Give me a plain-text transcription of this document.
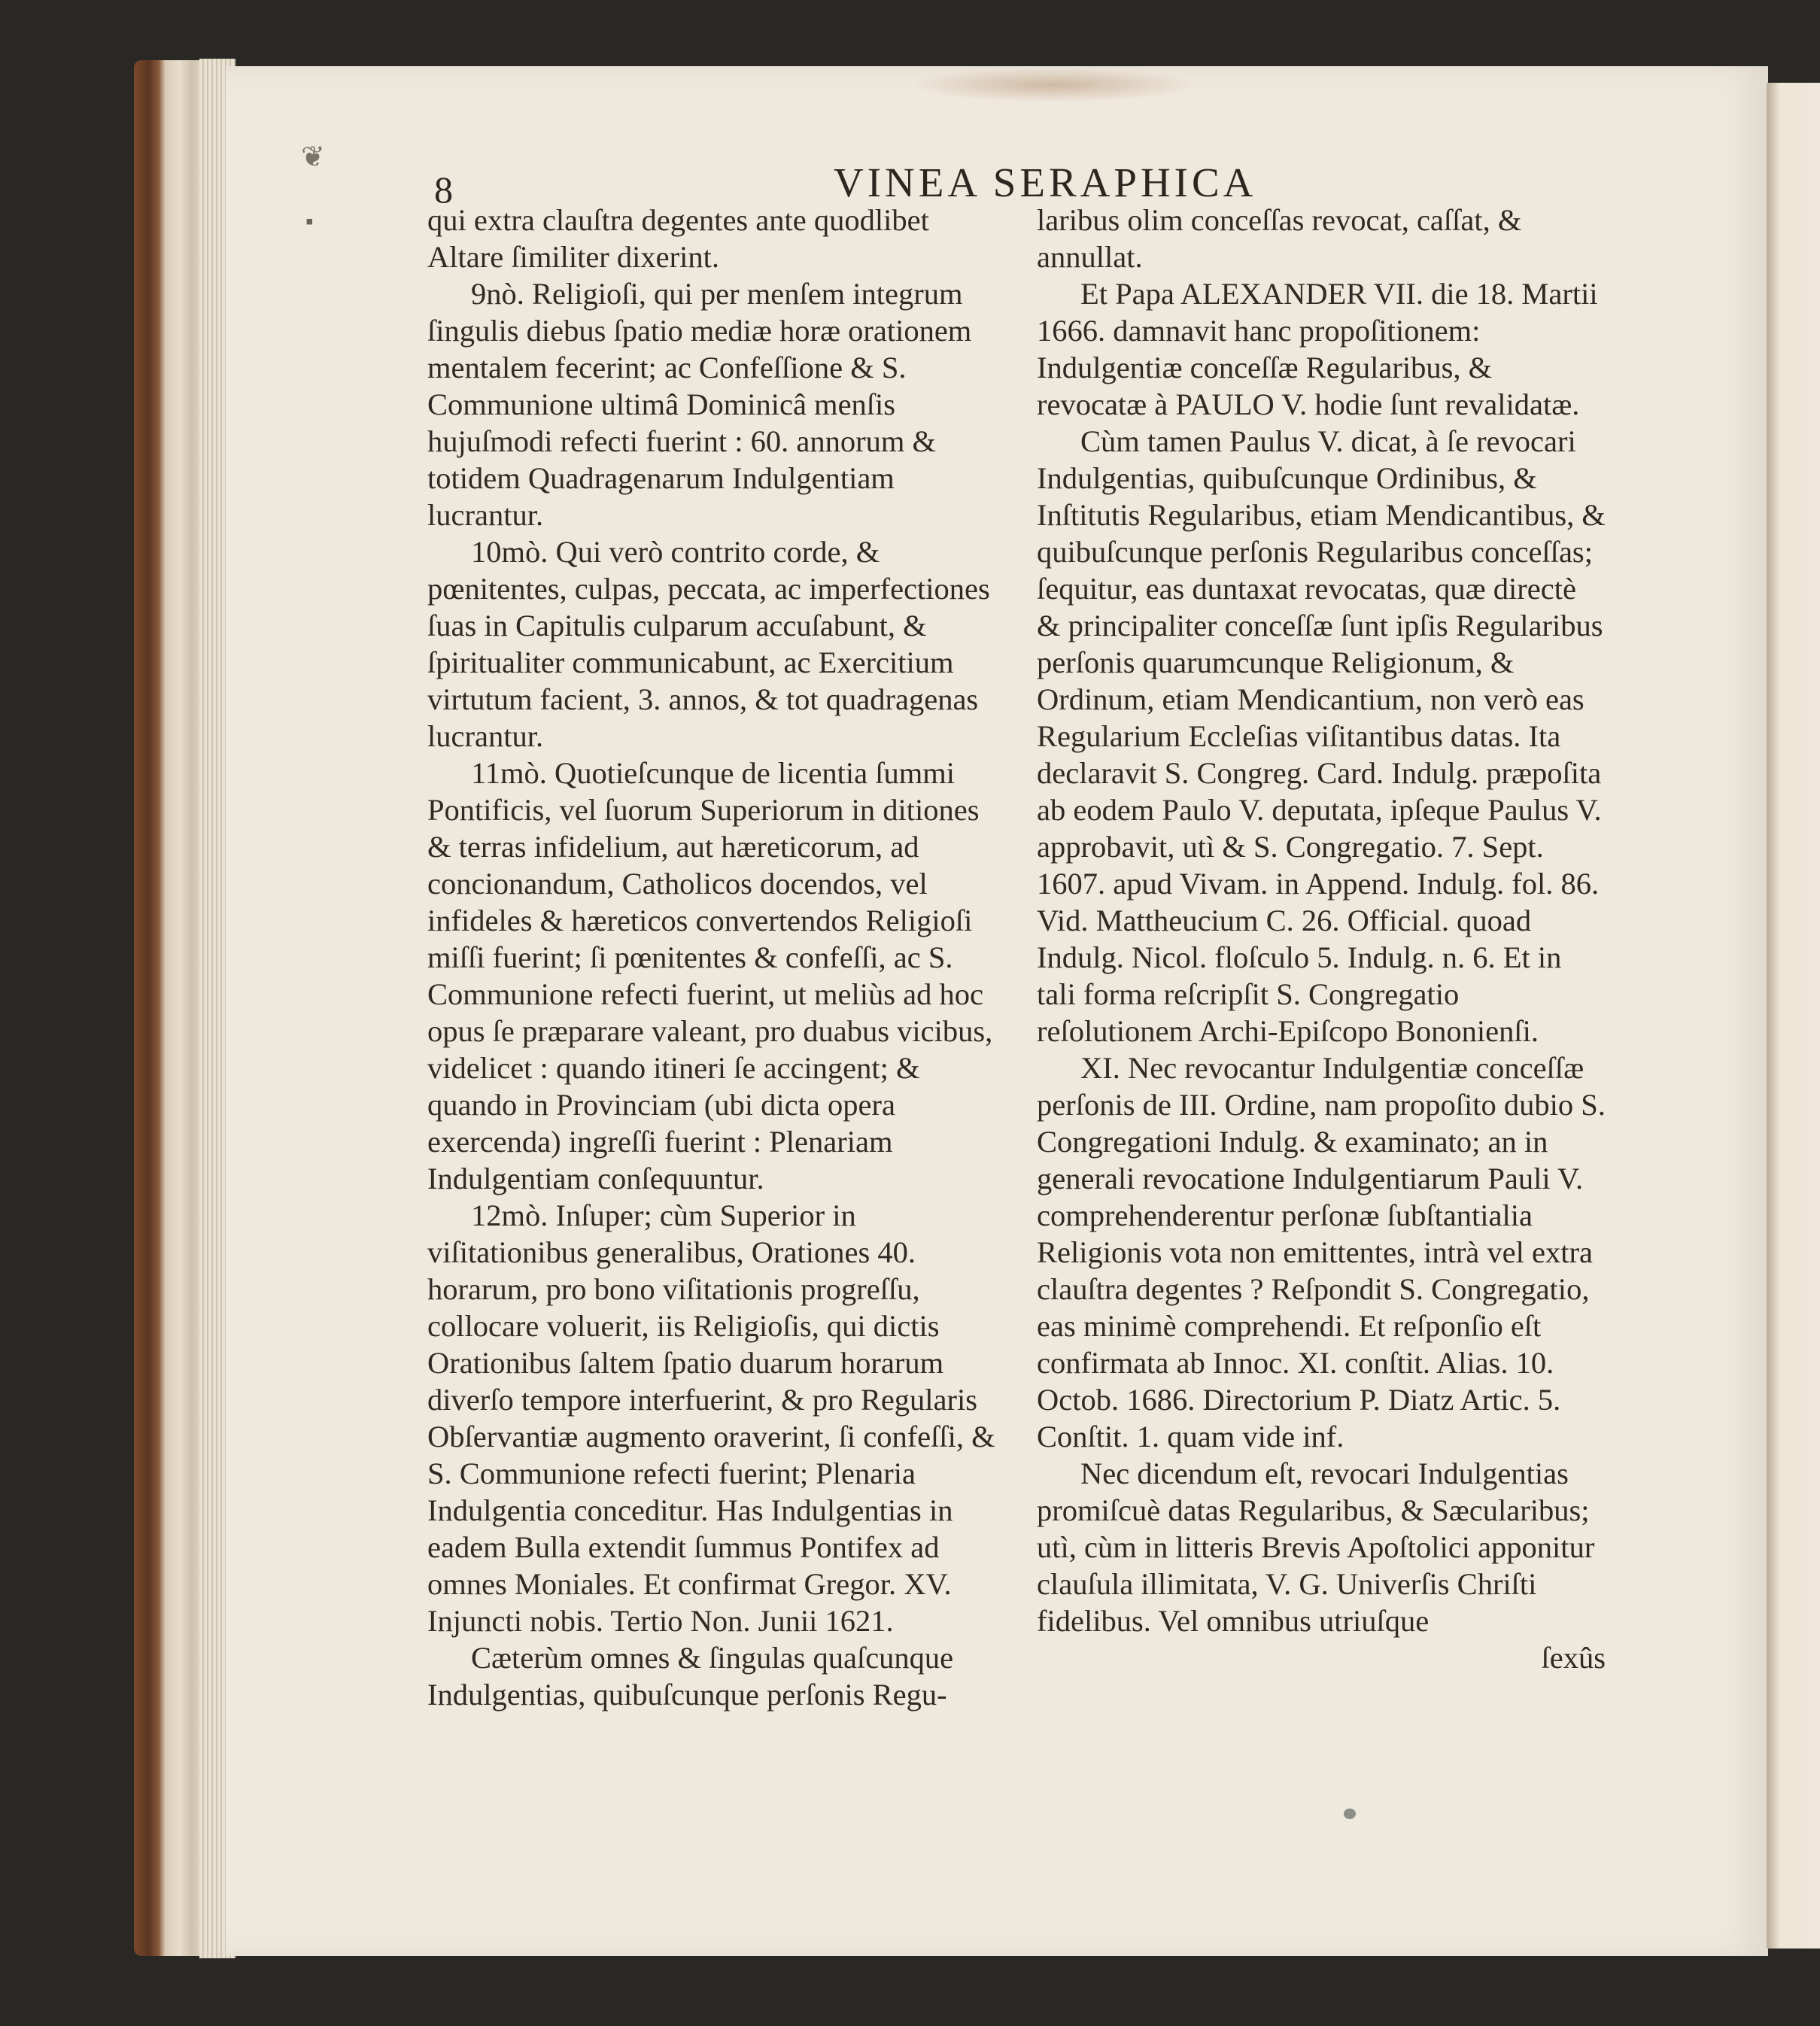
❦
▪
8	VINEA SERAPHICA

qui extra clauſtra degentes ante quodlibet Altare ſimiliter dixerint.

9nò. Religioſi, qui per menſem integrum ſingulis diebus ſpatio mediæ horæ orationem mentalem fecerint; ac Confeſſione & S. Communione ultimâ Dominicâ menſis hujuſmodi refecti fuerint : 60. annorum & totidem Quadragenarum Indulgentiam lucrantur.

10mò. Qui verò contrito corde, & pœnitentes, culpas, peccata, ac imperfectiones ſuas in Capitulis culparum accuſabunt, & ſpiritualiter communicabunt, ac Exercitium virtutum facient, 3. annos, & tot quadragenas lucrantur.

11mò. Quotieſcunque de licentia ſummi Pontificis, vel ſuorum Superiorum in ditiones & terras infidelium, aut hæreticorum, ad concionandum, Catholicos docendos, vel infideles & hæreticos convertendos Religioſi miſſi fuerint; ſi pœnitentes & confeſſi, ac S. Communione refecti fuerint, ut meliùs ad hoc opus ſe præparare valeant, pro duabus vicibus, videlicet : quando itineri ſe accingent; & quando in Provinciam (ubi dicta opera exercenda) ingreſſi fuerint : Plenariam Indulgentiam conſequuntur.

12mò. Inſuper; cùm Superior in viſitationibus generalibus, Orationes 40. horarum, pro bono viſitationis progreſſu, collocare voluerit, iis Religioſis, qui dictis Orationibus ſaltem ſpatio duarum horarum diverſo tempore interfuerint, & pro Regularis Obſervantiæ augmento oraverint, ſi confeſſi, & S. Communione refecti fuerint; Plenaria Indulgentia conceditur. Has Indulgentias in eadem Bulla extendit ſummus Pontifex ad omnes Moniales. Et confirmat Gregor. XV. Injuncti nobis. Tertio Non. Junii 1621.

Cæterùm omnes & ſingulas quaſcunque Indulgentias, quibuſcunque perſonis Regu-

laribus olim conceſſas revocat, caſſat, & annullat.

Et Papa ALEXANDER VII. die 18. Martii 1666. damnavit hanc propoſitionem: Indulgentiæ conceſſæ Regularibus, & revocatæ à PAULO V. hodie ſunt revalidatæ.

Cùm tamen Paulus V. dicat, à ſe revocari Indulgentias, quibuſcunque Ordinibus, & Inſtitutis Regularibus, etiam Mendicantibus, & quibuſcunque perſonis Regularibus conceſſas; ſequitur, eas duntaxat revocatas, quæ directè & principaliter conceſſæ ſunt ipſis Regularibus perſonis quarumcunque Religionum, & Ordinum, etiam Mendicantium, non verò eas Regularium Eccleſias viſitantibus datas. Ita declaravit S. Congreg. Card. Indulg. præpoſita ab eodem Paulo V. deputata, ipſeque Paulus V. approbavit, utì & S. Congregatio. 7. Sept. 1607. apud Vivam. in Append. Indulg. fol. 86. Vid. Mattheucium C. 26. Official. quoad Indulg. Nicol. floſculo 5. Indulg. n. 6. Et in tali forma reſcripſit S. Congregatio reſolutionem Archi-Epiſcopo Bononienſi.

XI. Nec revocantur Indulgentiæ conceſſæ perſonis de III. Ordine, nam propoſito dubio S. Congregationi Indulg. & examinato; an in generali revocatione Indulgentiarum Pauli V. comprehenderentur perſonæ ſubſtantialia Religionis vota non emittentes, intrà vel extra clauſtra degentes ? Reſpondit S. Congregatio, eas minimè comprehendi. Et reſponſio eſt confirmata ab Innoc. XI. conſtit. Alias. 10. Octob. 1686. Directorium P. Diatz Artic. 5. Conſtit. 1. quam vide inf.

Nec dicendum eſt, revocari Indulgentias promiſcuè datas Regularibus, & Sæcularibus; utì, cùm in litteris Brevis Apoſtolici apponitur clauſula illimitata, V. G. Univerſis Chriſti fidelibus. Vel omnibus utriuſque

ſexûs
